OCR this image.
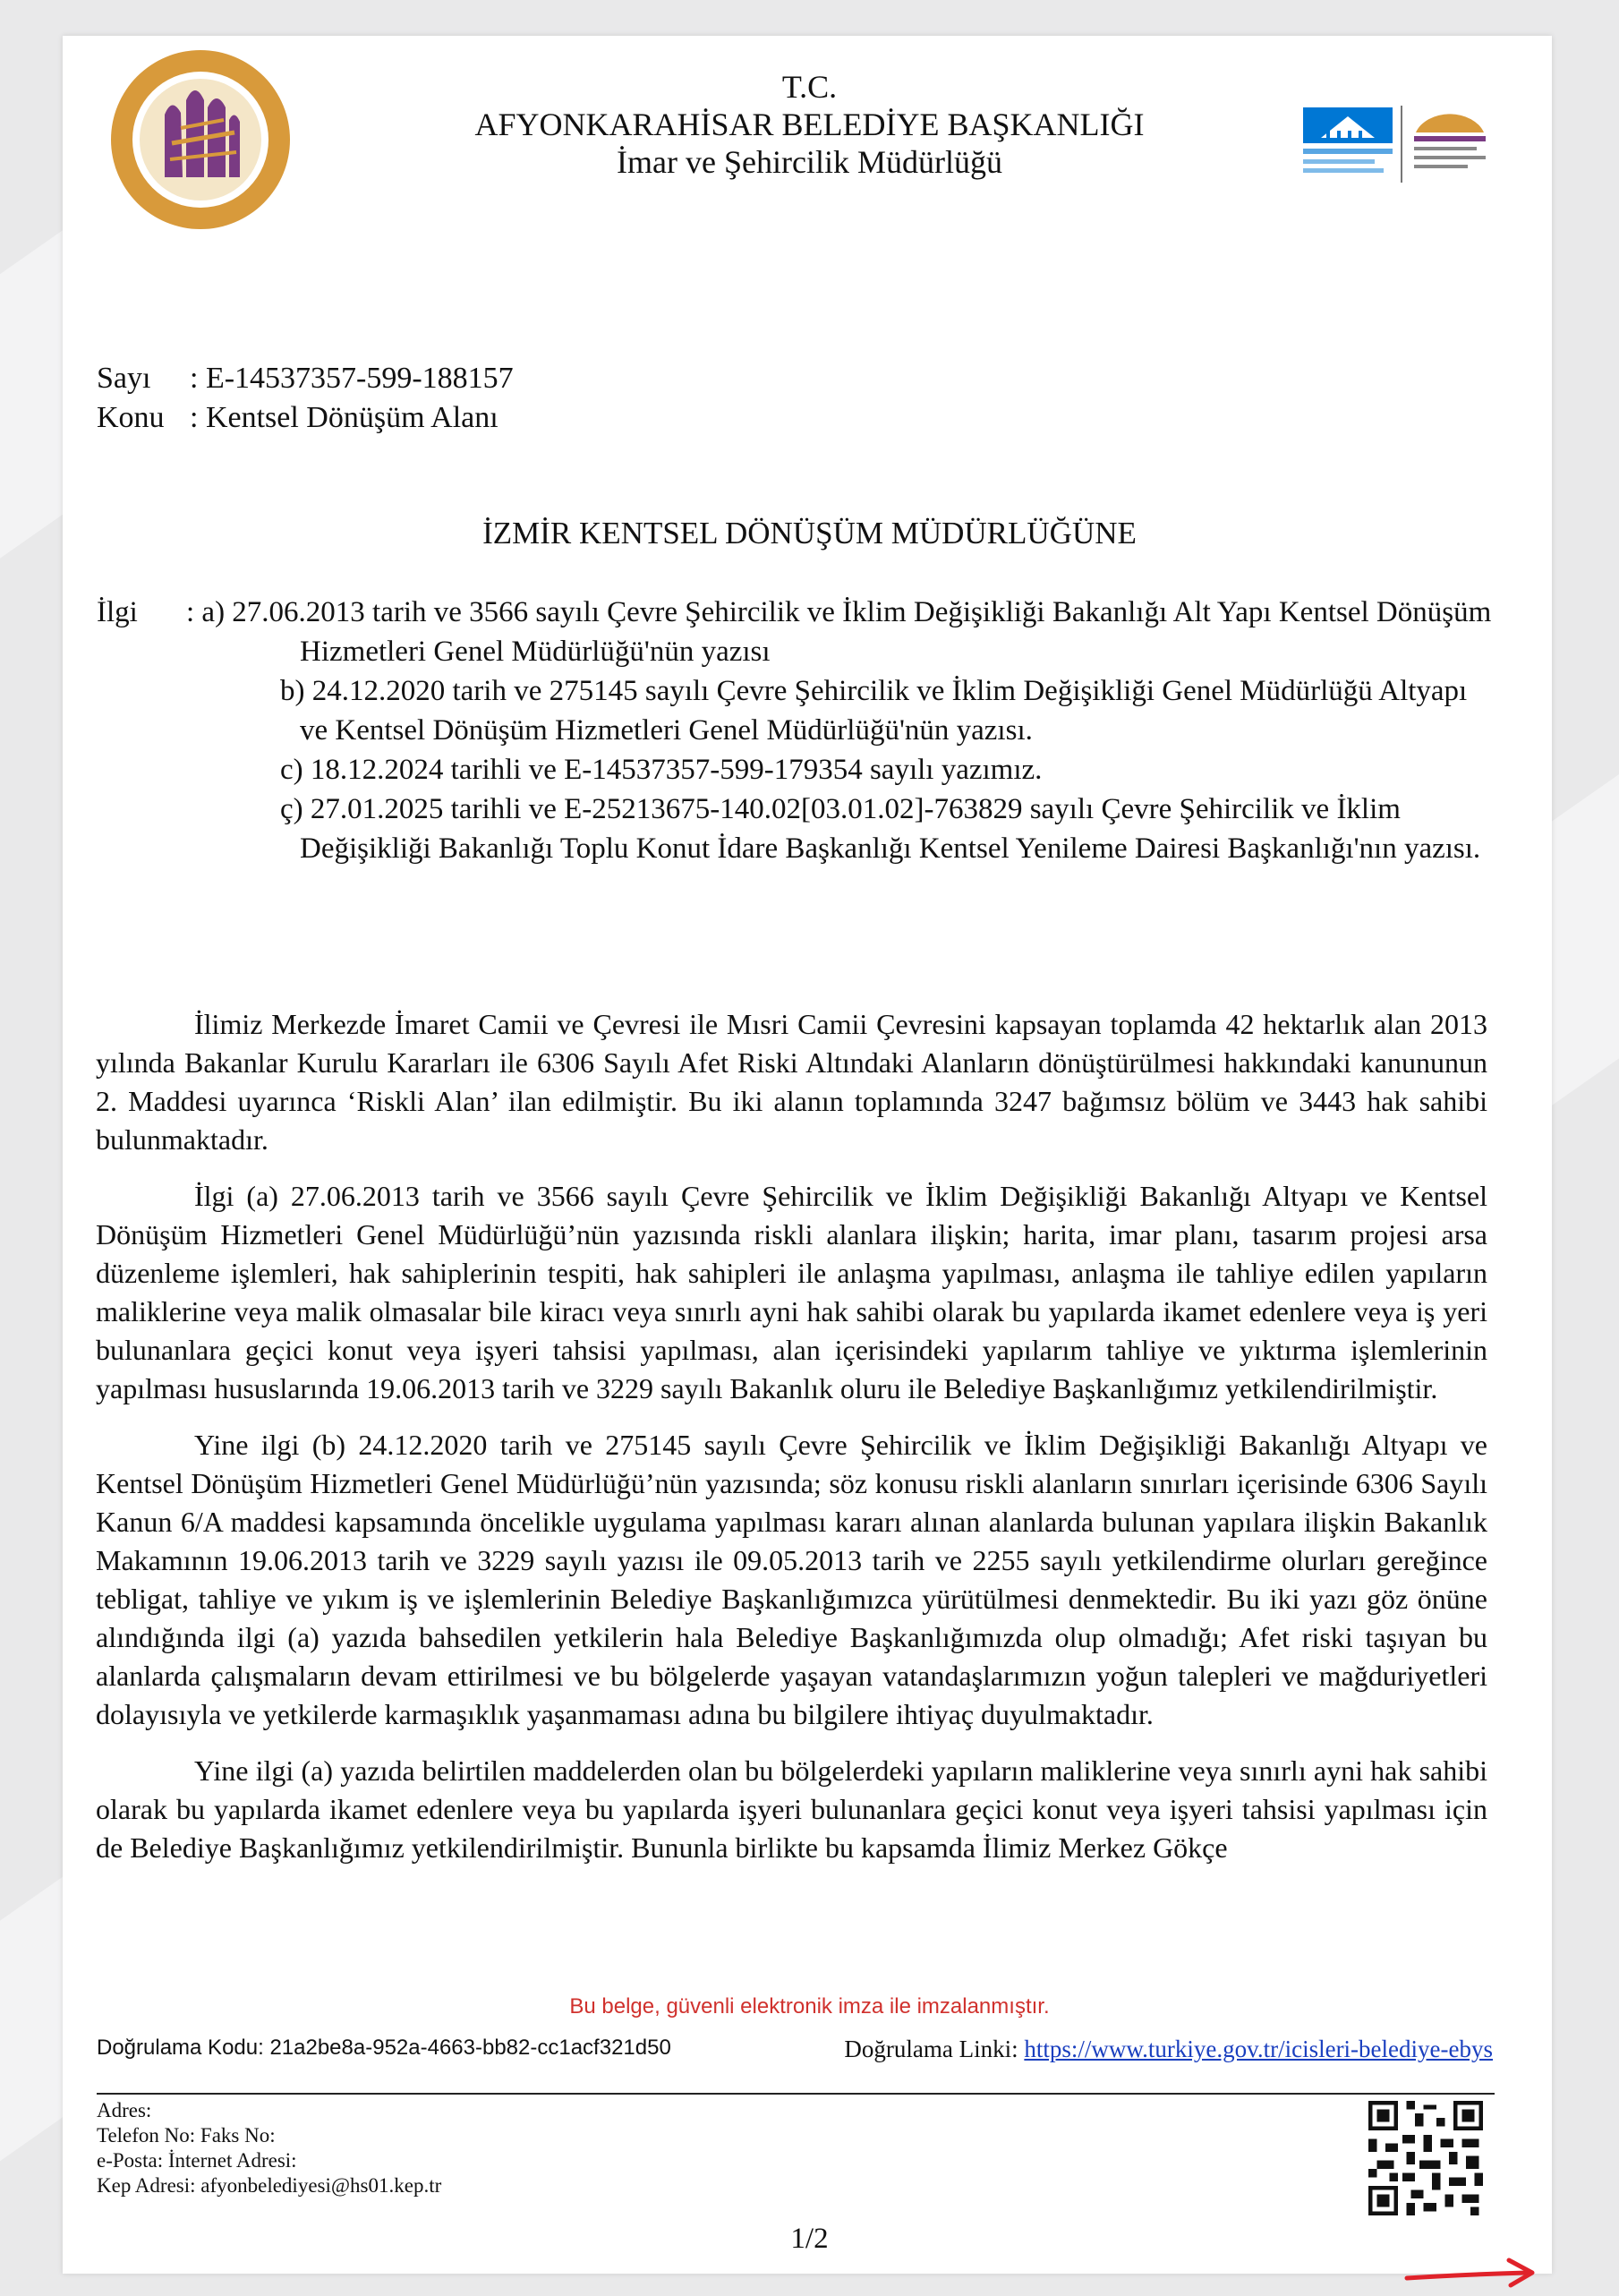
T.C.
AFYONKARAHİSAR BELEDİYE BAŞKANLIĞI
İmar ve Şehircilik Müdürlüğü
Sayı : E-14537357-599-188157
Konu : Kentsel Dönüşüm Alanı
İZMİR KENTSEL DÖNÜŞÜM MÜDÜRLÜĞÜNE
İlgi : a) 27.06.2013 tarih ve 3566 sayılı Çevre Şehircilik ve İklim Değişikliği Bakanlığı Alt Yapı Kentsel Dönüşüm Hizmetleri Genel Müdürlüğü'nün yazısı
b) 24.12.2020 tarih ve 275145 sayılı Çevre Şehircilik ve İklim Değişikliği Genel Müdürlüğü Altyapı ve Kentsel Dönüşüm Hizmetleri Genel Müdürlüğü'nün yazısı.
c) 18.12.2024 tarihli ve E-14537357-599-179354 sayılı yazımız.
ç) 27.01.2025 tarihli ve E-25213675-140.02[03.01.02]-763829 sayılı Çevre Şehircilik ve İklim Değişikliği Bakanlığı Toplu Konut İdare Başkanlığı Kentsel Yenileme Dairesi Başkanlığı'nın yazısı.

İlimiz Merkezde İmaret Camii ve Çevresi ile Mısri Camii Çevresini kapsayan toplamda 42 hektarlık alan 2013 yılında Bakanlar Kurulu Kararları ile 6306 Sayılı Afet Riski Altındaki Alanların dönüştürülmesi hakkındaki kanununun 2. Maddesi uyarınca ‘Riskli Alan’ ilan edilmiştir. Bu iki alanın toplamında 3247 bağımsız bölüm ve 3443 hak sahibi bulunmaktadır.

İlgi (a) 27.06.2013 tarih ve 3566 sayılı Çevre Şehircilik ve İklim Değişikliği Bakanlığı Altyapı ve Kentsel Dönüşüm Hizmetleri Genel Müdürlüğü’nün yazısında riskli alanlara ilişkin; harita, imar planı, tasarım projesi arsa düzenleme işlemleri, hak sahiplerinin tespiti, hak sahipleri ile anlaşma yapılması, anlaşma ile tahliye edilen yapıların maliklerine veya malik olmasalar bile kiracı veya sınırlı ayni hak sahibi olarak bu yapılarda ikamet edenlere veya iş yeri bulunanlara geçici konut veya işyeri tahsisi yapılması, alan içerisindeki yapılarım tahliye ve yıktırma işlemlerinin yapılması hususlarında 19.06.2013 tarih ve 3229 sayılı Bakanlık oluru ile Belediye Başkanlığımız yetkilendirilmiştir.

Yine ilgi (b) 24.12.2020 tarih ve 275145 sayılı Çevre Şehircilik ve İklim Değişikliği Bakanlığı Altyapı ve Kentsel Dönüşüm Hizmetleri Genel Müdürlüğü’nün yazısında; söz konusu riskli alanların sınırları içerisinde 6306 Sayılı Kanun 6/A maddesi kapsamında öncelikle uygulama yapılması kararı alınan alanlarda bulunan yapılara ilişkin Bakanlık Makamının 19.06.2013 tarih ve 3229 sayılı yazısı ile 09.05.2013 tarih ve 2255 sayılı yetkilendirme olurları gereğince tebligat, tahliye ve yıkım iş ve işlemlerinin Belediye Başkanlığımızca yürütülmesi denmektedir. Bu iki yazı göz önüne alındığında ilgi (a) yazıda bahsedilen yetkilerin hala Belediye Başkanlığımızda olup olmadığı; Afet riski taşıyan bu alanlarda çalışmaların devam ettirilmesi ve bu bölgelerde yaşayan vatandaşlarımızın yoğun talepleri ve mağduriyetleri dolayısıyla ve yetkilerde karmaşıklık yaşanmaması adına bu bilgilere ihtiyaç duyulmaktadır.

Yine ilgi (a) yazıda belirtilen maddelerden olan bu bölgelerdeki yapıların maliklerine veya sınırlı ayni hak sahibi olarak bu yapılarda ikamet edenlere veya bu yapılarda işyeri bulunanlara geçici konut veya işyeri tahsisi yapılması için de Belediye Başkanlığımız yetkilendirilmiştir. Bununla birlikte bu kapsamda İlimiz Merkez Gökçe

Bu belge, güvenli elektronik imza ile imzalanmıştır.
Doğrulama Kodu: 21a2be8a-952a-4663-bb82-cc1acf321d50	Doğrulama Linki: https://www.turkiye.gov.tr/icisleri-belediye-ebys
Adres:
Telefon No: Faks No:
e-Posta: İnternet Adresi:
Kep Adresi: afyonbelediyesi@hs01.kep.tr
1/2
